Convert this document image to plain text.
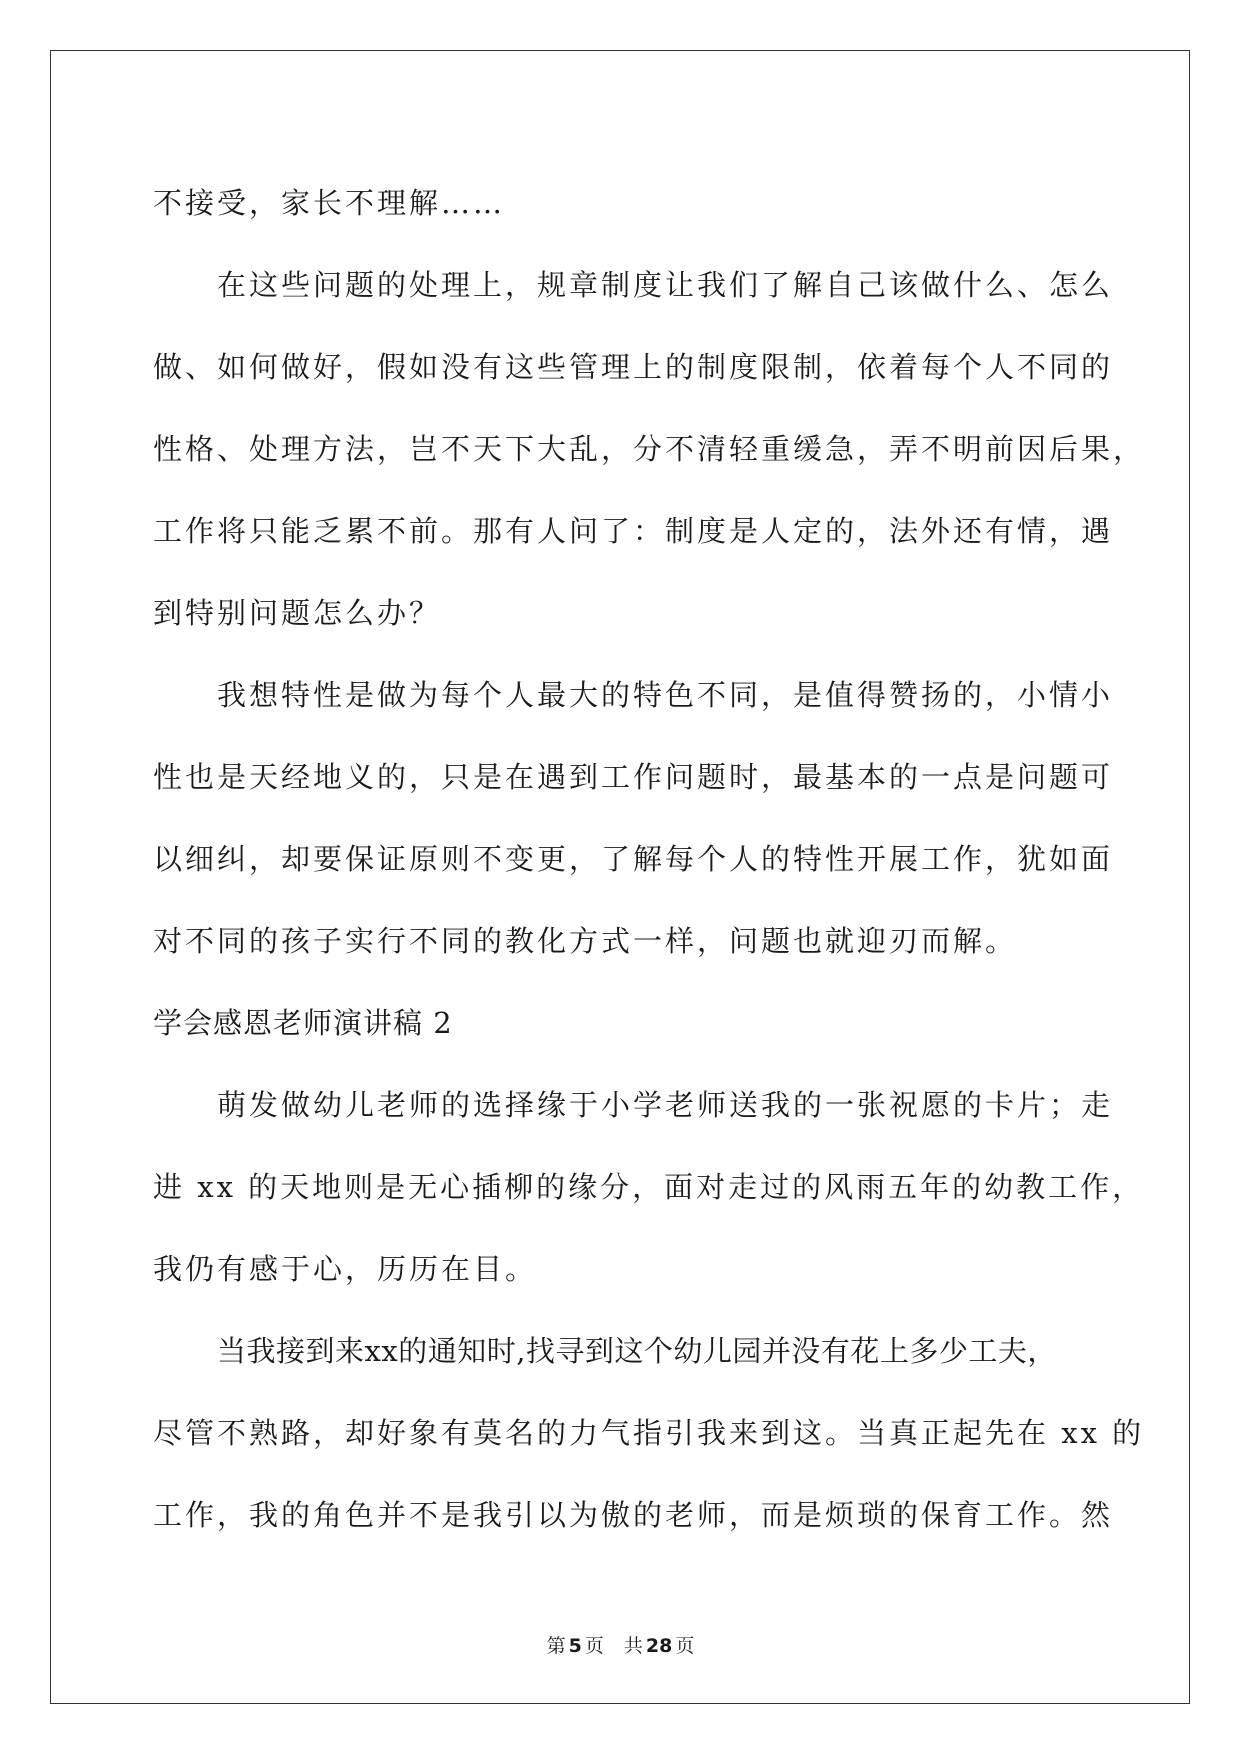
不接受，家长不理解……
在这些问题的处理上，规章制度让我们了解自己该做什么、怎么
做、如何做好，假如没有这些管理上的制度限制，依着每个人不同的
性格、处理方法，岂不天下大乱，分不清轻重缓急，弄不明前因后果，
工作将只能乏累不前。那有人问了：制度是人定的，法外还有情，遇
到特别问题怎么办？
我想特性是做为每个人最大的特色不同，是值得赞扬的，小情小
性也是天经地义的，只是在遇到工作问题时，最基本的一点是问题可
以细纠，却要保证原则不变更，了解每个人的特性开展工作，犹如面
对不同的孩子实行不同的教化方式一样，问题也就迎刃而解。
学会感恩老师演讲稿 2
萌发做幼儿老师的选择缘于小学老师送我的一张祝愿的卡片；走
进 xx 的天地则是无心插柳的缘分，面对走过的风雨五年的幼教工作，
我仍有感于心，历历在目。
当我接到来xx的通知时,找寻到这个幼儿园并没有花上多少工夫，
尽管不熟路，却好象有莫名的力气指引我来到这。当真正起先在 xx 的
工作，我的角色并不是我引以为傲的老师，而是烦琐的保育工作。然
第 5 页 共 28 页
